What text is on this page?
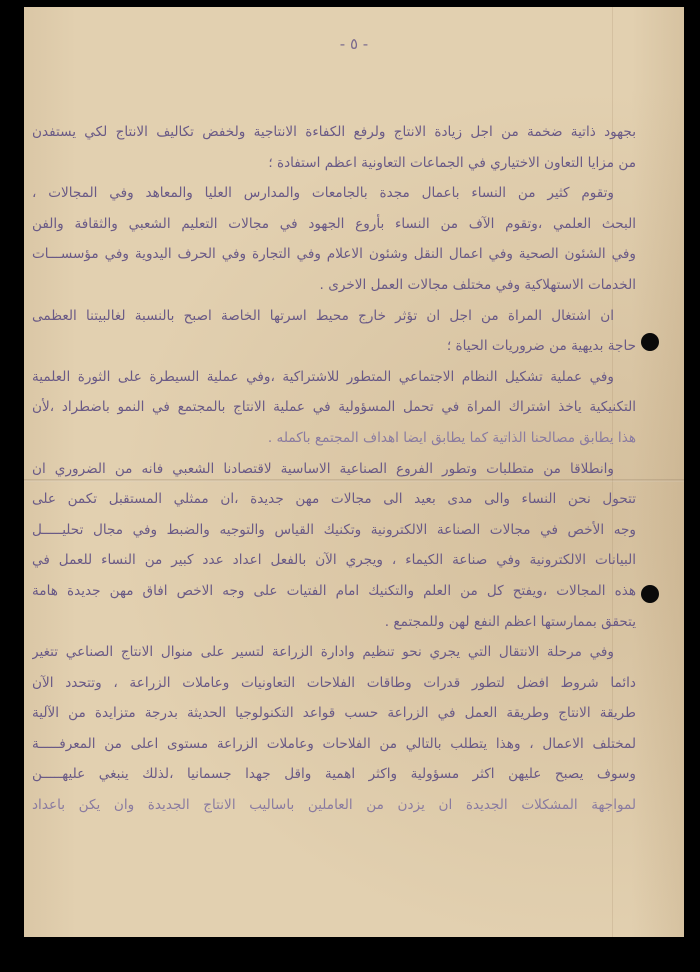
- ٥ -
بجهود ذاتية ضخمة من اجل زيادة الانتاج ولرفع الكفاءة الانتاجية ولخفض تكاليف الانتاج لكي يستفدن
من مزايا التعاون الاختياري في الجماعات التعاونية اعظم استفادة ؛
وتقوم كثير من النساء باعمال مجدة بالجامعات والمدارس العليا والمعاهد وفي المجالات ،
البحث العلمي ،وتقوم الآف من النساء بأروع الجهود في مجالات التعليم الشعبي والثقافة والفن
وفي الشئون الصحية وفي اعمال النقل وشئون الاعلام وفي التجارة وفي الحرف اليدوية وفي مؤسســـات
الخدمات الاستهلاكية وفي مختلف مجالات العمل الاخرى .
ان اشتغال المراة من اجل ان تؤثر خارج محيط اسرتها الخاصة اصبح بالنسبة لغالبيتنا العظمى
حاجة بديهية من ضروريات الحياة ؛
وفي عملية تشكيل النظام الاجتماعي المتطور للاشتراكية ،وفي عملية السيطرة على الثورة العلمية
التكنيكية ياخذ اشتراك المراة في تحمل المسؤولية في عملية الانتاج بالمجتمع في النمو باضطراد ،لأن
هذا يطابق مصالحنا الذاتية كما يطابق ايضا اهداف المجتمع باكمله .
وانطلاقا من متطلبات وتطور الفروع الصناعية الاساسية لاقتصادنا الشعبي فانه من الضروري ان
تتحول نحن النساء والى مدى بعيد الى مجالات مهن جديدة ،ان ممثلي المستقبل تكمن على
وجه الأخص في مجالات الصناعة الالكترونية وتكنيك القياس والتوجيه والضبط وفي مجال تحليـــــل
البيانات الالكترونية وفي صناعة الكيماء ، ويجري الآن بالفعل اعداد عدد كبير من النساء للعمل في
هذه المجالات ،ويفتح كل من العلم والتكنيك امام الفتيات على وجه الاخص افاق مهن جديدة هامة
يتحقق بممارستها اعظم النفع لهن وللمجتمع .
وفي مرحلة الانتقال التي يجري نحو تنظيم وادارة الزراعة لتسير على منوال الانتاج الصناعي تتغير
دائما شروط افضل لتطور قدرات وطاقات الفلاحات التعاونيات وعاملات الزراعة ، وتتحدد الآن
طريقة الانتاج وطريقة العمل في الزراعة حسب قواعد التكنولوجيا الحديثة بدرجة متزايدة من الآلية
لمختلف الاعمال ، وهذا يتطلب بالتالي من الفلاحات وعاملات الزراعة مستوى اعلى من المعرفـــــة
وسوف يصبح عليهن اكثر مسؤولية واكثر اهمية واقل جهدا جسمانيا ،لذلك ينبغي عليهـــــن
لمواجهة المشكلات الجديدة ان يزدن من العاملين باساليب الانتاج الجديدة وان يكن باعداد
